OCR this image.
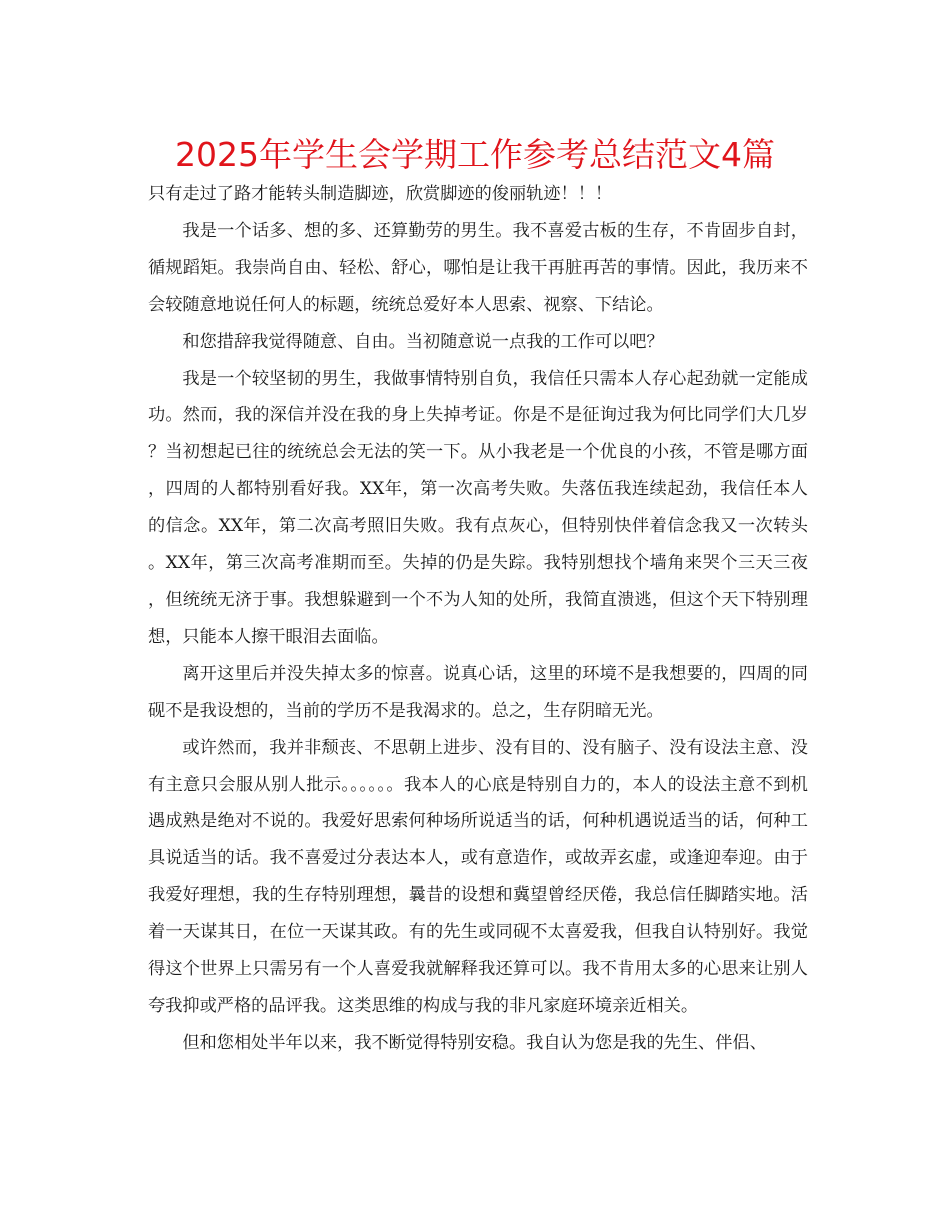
2025年学生会学期工作参考总结范文4篇

只有走过了路才能转头制造脚迹，欣赏脚迹的俊丽轨迹！！！

我是一个话多、想的多、还算勤劳的男生。我不喜爱古板的生存，不肯固步自封，循规蹈矩。我崇尚自由、轻松、舒心，哪怕是让我干再脏再苦的事情。因此，我历来不会较随意地说任何人的标题，统统总爱好本人思索、视察、下结论。

和您措辞我觉得随意、自由。当初随意说一点我的工作可以吧？

我是一个较坚韧的男生，我做事情特别自负，我信任只需本人存心起劲就一定能成功。然而，我的深信并没在我的身上失掉考证。你是不是征询过我为何比同学们大几岁？当初想起已往的统统总会无法的笑一下。从小我老是一个优良的小孩，不管是哪方面，四周的人都特别看好我。XX年，第一次高考失败。失落伍我连续起劲，我信任本人的信念。XX年，第二次高考照旧失败。我有点灰心，但特别快伴着信念我又一次转头。XX年，第三次高考准期而至。失掉的仍是失踪。我特别想找个墙角来哭个三天三夜，但统统无济于事。我想躲避到一个不为人知的处所，我简直溃逃，但这个天下特别理想，只能本人擦干眼泪去面临。

离开这里后并没失掉太多的惊喜。说真心话，这里的环境不是我想要的，四周的同砚不是我设想的，当前的学历不是我渴求的。总之，生存阴暗无光。

或许然而，我并非颓丧、不思朝上进步、没有目的、没有脑子、没有设法主意、没有主意只会服从别人批示。。。。。。我本人的心底是特别自力的，本人的设法主意不到机遇成熟是绝对不说的。我爱好思索何种场所说适当的话，何种机遇说适当的话，何种工具说适当的话。我不喜爱过分表达本人，或有意造作，或故弄玄虚，或逢迎奉迎。由于我爱好理想，我的生存特别理想，曩昔的设想和冀望曾经厌倦，我总信任脚踏实地。活着一天谋其日，在位一天谋其政。有的先生或同砚不太喜爱我，但我自认特别好。我觉得这个世界上只需另有一个人喜爱我就解释我还算可以。我不肯用太多的心思来让别人夸我抑或严格的品评我。这类思维的构成与我的非凡家庭环境亲近相关。

但和您相处半年以来，我不断觉得特别安稳。我自认为您是我的先生、伴侣、
